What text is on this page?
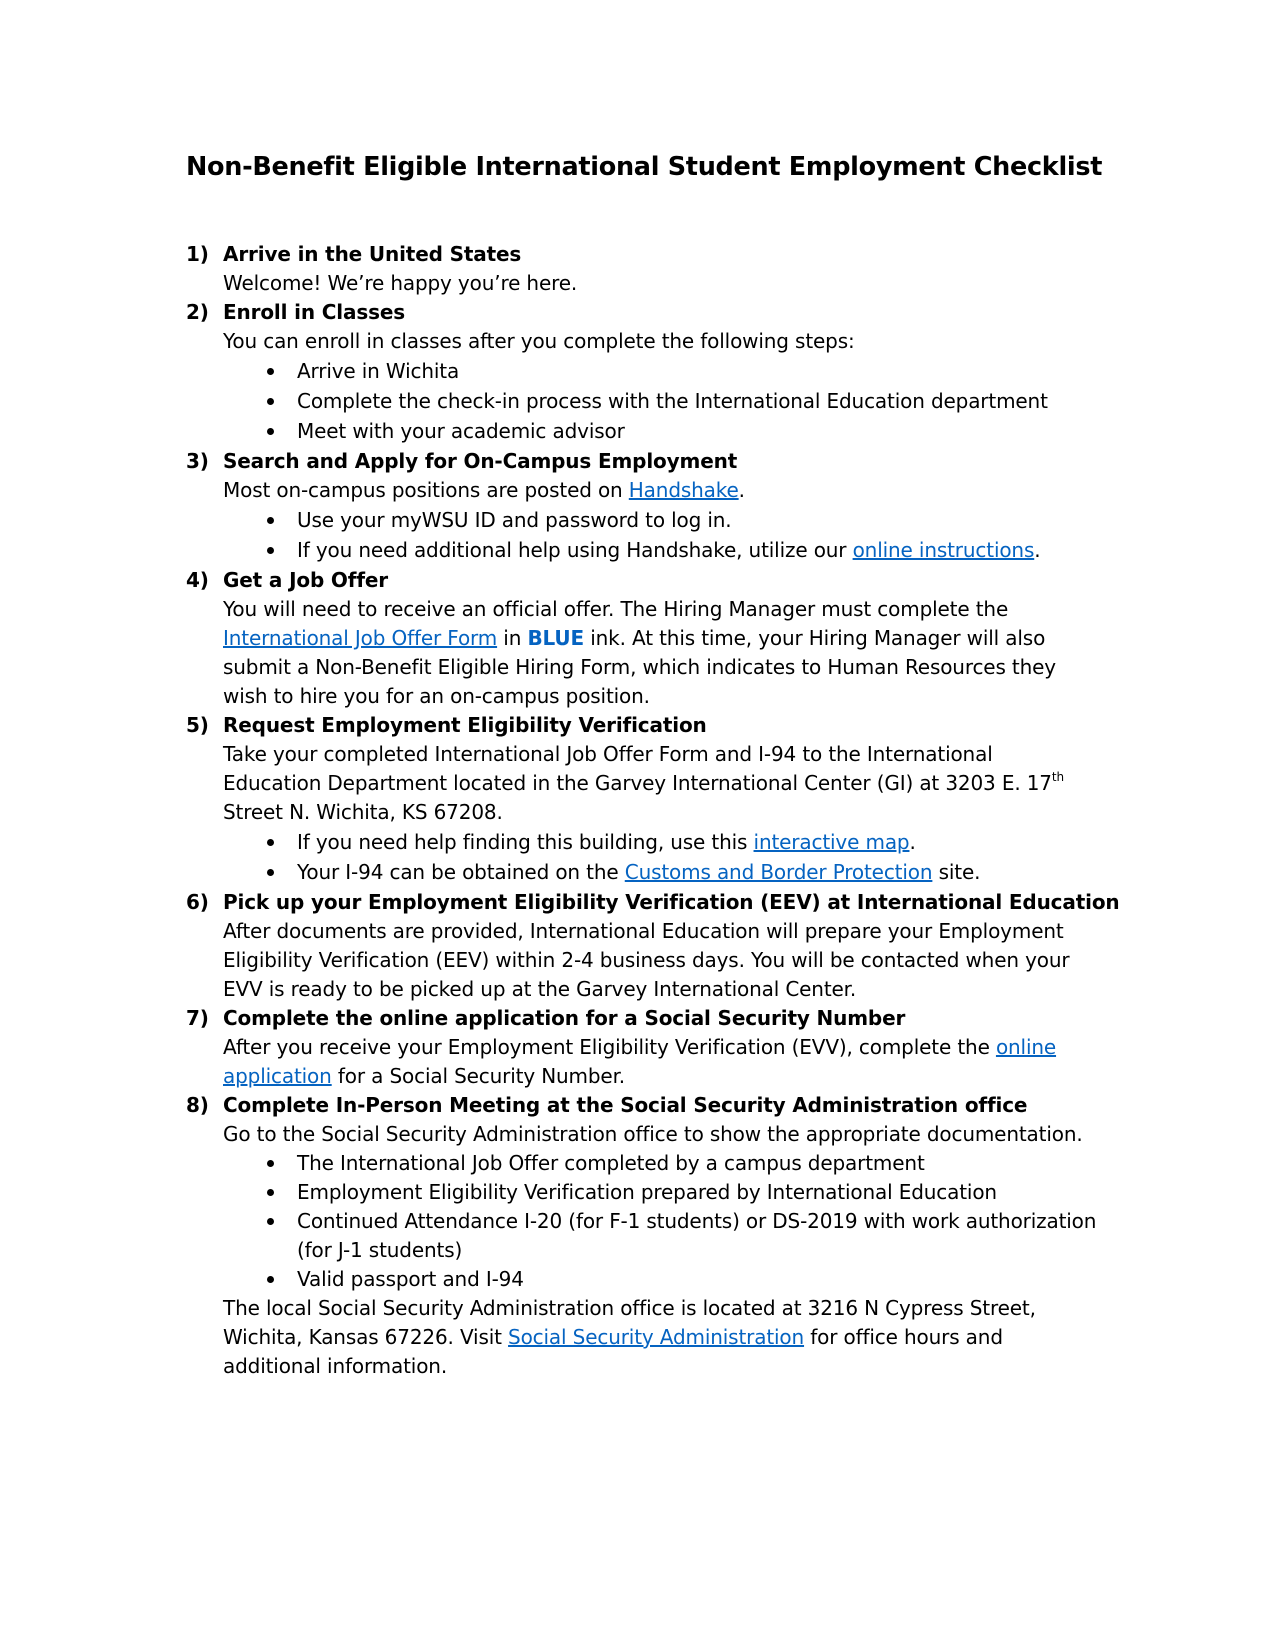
Non-Benefit Eligible International Student Employment Checklist
1) Arrive in the United States
Welcome! We’re happy you’re here.
2) Enroll in Classes
You can enroll in classes after you complete the following steps:
Arrive in Wichita
Complete the check-in process with the International Education department
Meet with your academic advisor
3) Search and Apply for On-Campus Employment
Most on-campus positions are posted on Handshake.
Use your myWSU ID and password to log in.
If you need additional help using Handshake, utilize our online instructions.
4) Get a Job Offer
You will need to receive an official offer. The Hiring Manager must complete the
International Job Offer Form in BLUE ink. At this time, your Hiring Manager will also
submit a Non-Benefit Eligible Hiring Form, which indicates to Human Resources they
wish to hire you for an on-campus position.
5) Request Employment Eligibility Verification
Take your completed International Job Offer Form and I-94 to the International
Education Department located in the Garvey International Center (GI) at 3203 E. 17th
Street N. Wichita, KS 67208.
If you need help finding this building, use this interactive map.
Your I-94 can be obtained on the Customs and Border Protection site.
6) Pick up your Employment Eligibility Verification (EEV) at International Education
After documents are provided, International Education will prepare your Employment
Eligibility Verification (EEV) within 2-4 business days. You will be contacted when your
EVV is ready to be picked up at the Garvey International Center.
7) Complete the online application for a Social Security Number
After you receive your Employment Eligibility Verification (EVV), complete the online
application for a Social Security Number.
8) Complete In-Person Meeting at the Social Security Administration office
Go to the Social Security Administration office to show the appropriate documentation.
The International Job Offer completed by a campus department
Employment Eligibility Verification prepared by International Education
Continued Attendance I-20 (for F-1 students) or DS-2019 with work authorization
(for J-1 students)
Valid passport and I-94
The local Social Security Administration office is located at 3216 N Cypress Street,
Wichita, Kansas 67226. Visit Social Security Administration for office hours and
additional information.
